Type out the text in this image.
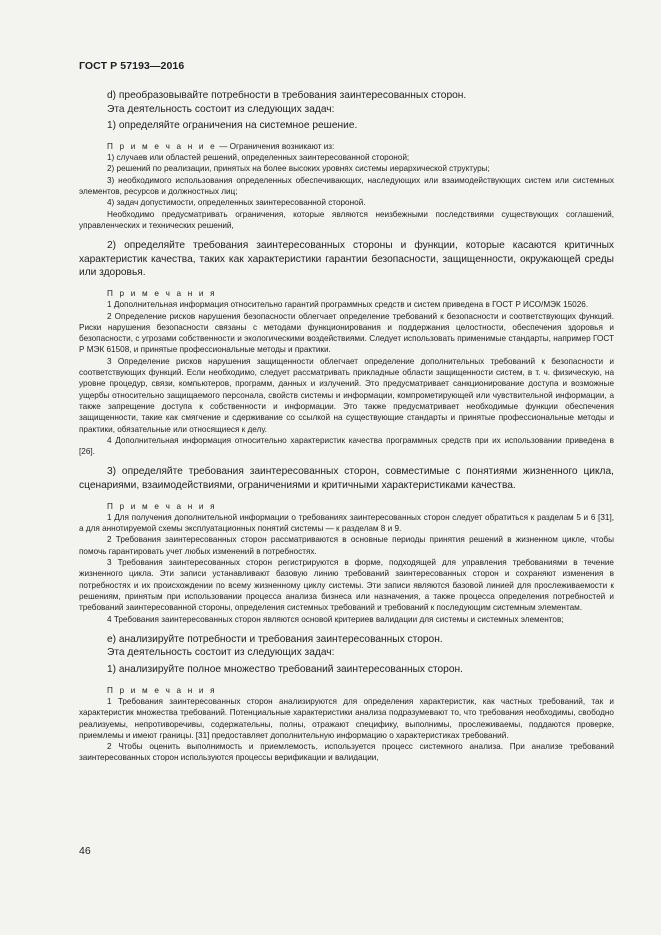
ГОСТ Р 57193—2016

d) преобразовывайте потребности в требования заинтересованных сторон.

Эта деятельность состоит из следующих задач:

1) определяйте ограничения на системное решение.

П р и м е ч а н и е — Ограничения возникают из:

1) случаев или областей решений, определенных заинтересованной стороной;

2) решений по реализации, принятых на более высоких уровнях системы иерархической структуры;

3) необходимого использования определенных обеспечивающих, наследующих или взаимодействующих систем или системных элементов, ресурсов и должностных лиц;

4) задач допустимости, определенных заинтересованной стороной.

Необходимо предусматривать ограничения, которые являются неизбежными последствиями существующих соглашений, управленческих и технических решений,

2) определяйте требования заинтересованных стороны и функции, которые касаются критичных характеристик качества, таких как характеристики гарантии безопасности, защищенности, окружающей среды или здоровья.

П р и м е ч а н и я

1 Дополнительная информация относительно гарантий программных средств и систем приведена в ГОСТ Р ИСО/МЭК 15026.

2 Определение рисков нарушения безопасности облегчает определение требований к безопасности и соответствующих функций. Риски нарушения безопасности связаны с методами функционирования и поддержания целостности, обеспечения здоровья и безопасности, с угрозами собственности и экологическими воздействиями. Следует использовать применимые стандарты, например ГОСТ Р МЭК 61508, и принятые профессиональные методы и практики.

3 Определение рисков нарушения защищенности облегчает определение дополнительных требований к безопасности и соответствующих функций. Если необходимо, следует рассматривать прикладные области защищенности систем, в т. ч. физическую, на уровне процедур, связи, компьютеров, программ, данных и излучений. Это предусматривает санкционирование доступа и возможные ущербы относительно защищаемого персонала, свойств системы и информации, компрометирующей или чувствительной информации, а также запрещение доступа к собственности и информации. Это также предусматривает необходимые функции обеспечения защищенности, такие как смягчение и сдерживание со ссылкой на существующие стандарты и принятые профессиональные методы и практики, обязательные или относящиеся к делу.

4 Дополнительная информация относительно характеристик качества программных средств при их использовании приведена в [26].

3) определяйте требования заинтересованных сторон, совместимые с понятиями жизненного цикла, сценариями, взаимодействиями, ограничениями и критичными характеристиками качества.

П р и м е ч а н и я

1 Для получения дополнительной информации о требованиях заинтересованных сторон следует обратиться к разделам 5 и 6 [31], а для аннотируемой схемы эксплуатационных понятий системы — к разделам 8 и 9.

2 Требования заинтересованных сторон рассматриваются в основные периоды принятия решений в жизненном цикле, чтобы помочь гарантировать учет любых изменений в потребностях.

3 Требования заинтересованных сторон регистрируются в форме, подходящей для управления требованиями в течение жизненного цикла. Эти записи устанавливают базовую линию требований заинтересованных сторон и сохраняют изменения в потребностях и их происхождении по всему жизненному циклу системы. Эти записи являются базовой линией для прослеживаемости к решениям, принятым при использовании процесса анализа бизнеса или назначения, а также процесса определения потребностей и требований заинтересованной стороны, определения системных требований и требований к последующим системным элементам.

4 Требования заинтересованных сторон являются основой критериев валидации для системы и системных элементов;

e) анализируйте потребности и требования заинтересованных сторон.

Эта деятельность состоит из следующих задач:

1) анализируйте полное множество требований заинтересованных сторон.

П р и м е ч а н и я

1 Требования заинтересованных сторон анализируются для определения характеристик, как частных требований, так и характеристик множества требований. Потенциальные характеристики анализа подразумевают то, что требования необходимы, свободно реализуемы, непротиворечивы, содержательны, полны, отражают специфику, выполнимы, прослеживаемы, поддаются проверке, приемлемы и имеют границы. [31] предоставляет дополнительную информацию о характеристиках требований.

2 Чтобы оценить выполнимость и приемлемость, используется процесс системного анализа. При анализе требований заинтересованных сторон используются процессы верификации и валидации,

46
